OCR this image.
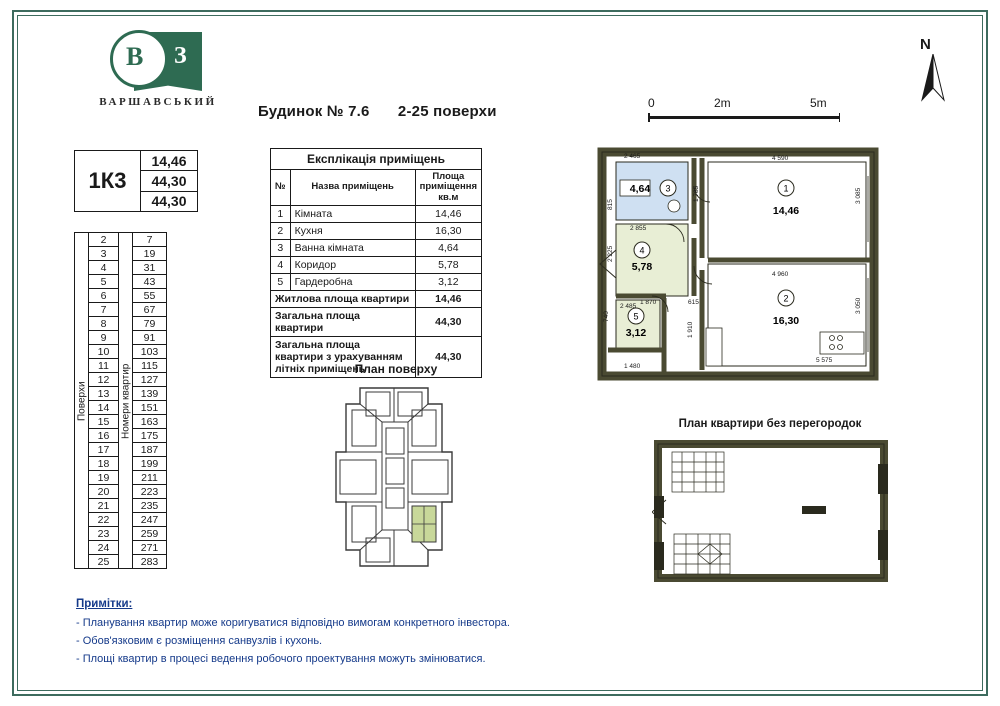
В З
ВАРШАВСЬКИЙ
Будинок № 7.6 2-25 поверхи	0	2m	5m
N
1К3
14,46
44,30
44,30
Поверхи	2	Номери квартир	7
	3		19
	4		31
	5		43
	6		55
	7		67
	8		79
	9		91
	10		103
	11		115
	12		127
	13		139
	14		151
	15		163
	16		175
	17		187
	18		199
	19		211
	20		223
	21		235
	22		247
	23		259
	24		271
	25		283
Експлікація приміщень
№	Назва приміщень	Площа приміщення кв.м
1	Кімната	14,46
2	Кухня	16,30
3	Ванна кімната	4,64
4	Коридор	5,78
5	Гардеробна	3,12
Житлова площа квартири		14,46
Загальна площа квартири		44,30
Загальна площа квартири з урахуванням літніх приміщень		44,30
План поверху
1
14,46
2
16,30
3
4,64
4
5,78
5
3,12
2 465	4 590
2 855
4 960
2 485
1 480
1 870	615
5 575
815
1 785	3 085
3 050
2 225
740
1 910
План квартири без перегородок
Примітки:

- Планування квартир може коригуватися відповідно вимогам конкретного інвестора.

- Обов'язковим є розміщення санвузлів і кухонь.

- Площі квартир в процесі ведення робочого проектування можуть змінюватися.
